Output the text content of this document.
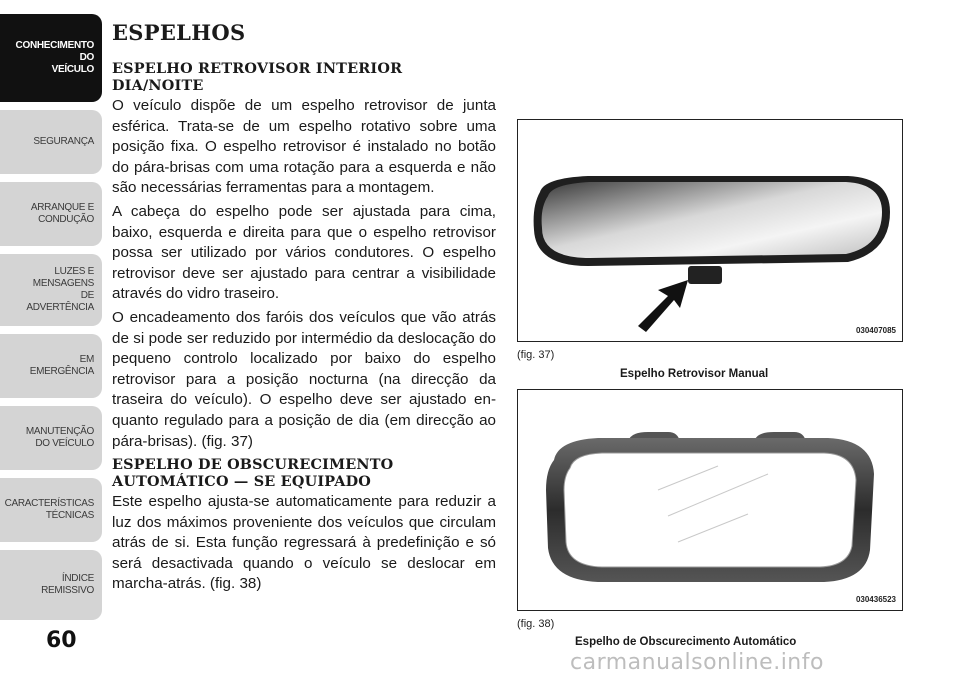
CONHECIMENTO
DO
VEÍCULO
SEGURANÇA
ARRANQUE E
CONDUÇÃO
LUZES E
MENSAGENS
DE
ADVERTÊNCIA
EM
EMERGÊNCIA
MANUTENÇÃO
DO VEÍCULO
CARACTERÍSTICAS
TÉCNICAS
ÍNDICE
REMISSIVO
60
ESPELHOS
ESPELHO RETROVISOR INTERIOR
DIA/NOITE
O veículo dispõe de um espelho retrovisor de junta esférica. Trata-se de um espelho rotativo sobre uma posição fixa. O espelho retrovisor é instalado no botão do pára-brisas com uma rotação para a esquerda e não são necessárias ferramentas para a montagem.
A cabeça do espelho pode ser ajustada para cima, baixo, esquerda e direita para que o espelho retrovisor possa ser utilizado por vários condutores. O espelho retrovisor deve ser ajustado para centrar a visibilidade através do vidro traseiro.
O encadeamento dos faróis dos veículos que vão atrás de si pode ser reduzido por intermédio da deslocação do pequeno controlo localizado por baixo do espelho retrovisor para a posição nocturna (na direcção da traseira do veículo). O espelho deve ser ajustado en-quanto regulado para a posição de dia (em direcção ao pára-brisas). (fig. 37)
ESPELHO DE OBSCURECIMENTO
AUTOMÁTICO — SE EQUIPADO
Este espelho ajusta-se automaticamente para reduzir a luz dos máximos proveniente dos veículos que circulam atrás de si. Esta função regressará à predefinição e só será desactivada quando o veículo se deslocar em marcha-atrás. (fig. 38)
030407085
(fig. 37)
Espelho Retrovisor Manual
030436523
(fig. 38)
Espelho de Obscurecimento Automático
carmanualsonline.info
